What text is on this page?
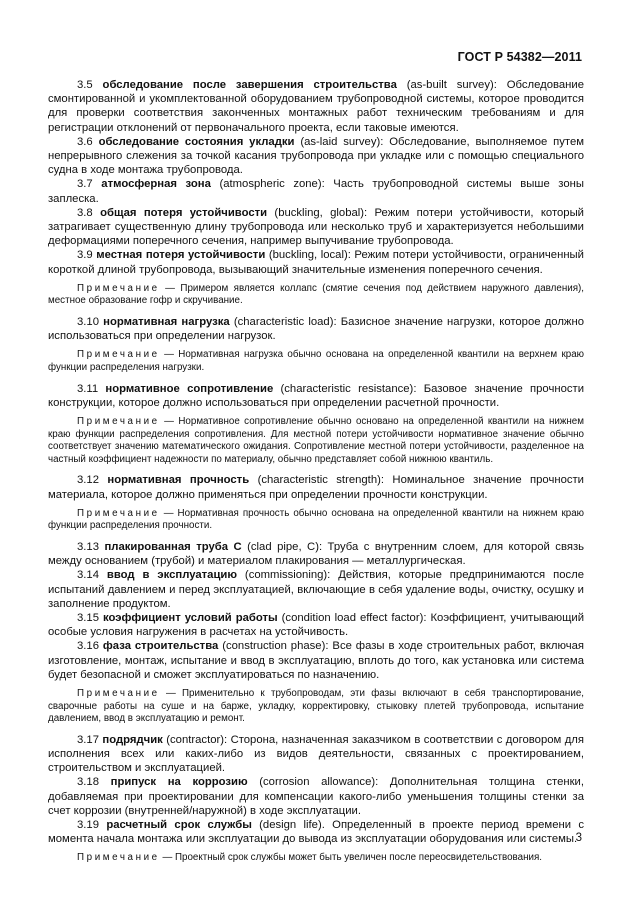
ГОСТ Р 54382—2011

3.5 обследование после завершения строительства (as-built survey): Обследование смонтированной и укомплектованной оборудованием трубопроводной системы, которое проводится для проверки соответствия законченных монтажных работ техническим требованиям и для регистрации отклонений от первоначального проекта, если таковые имеются.

3.6 обследование состояния укладки (as-laid survey): Обследование, выполняемое путем непрерывного слежения за точкой касания трубопровода при укладке или с помощью специального судна в ходе монтажа трубопровода.

3.7 атмосферная зона (atmospheric zone): Часть трубопроводной системы выше зоны заплеска.

3.8 общая потеря устойчивости (buckling, global): Режим потери устойчивости, который затрагивает существенную длину трубопровода или несколько труб и характеризуется небольшими деформациями поперечного сечения, например выпучивание трубопровода.

3.9 местная потеря устойчивости (buckling, local): Режим потери устойчивости, ограниченный короткой длиной трубопровода, вызывающий значительные изменения поперечного сечения.

Примечание — Примером является коллапс (смятие сечения под действием наружного давления), местное образование гофр и скручивание.

3.10 нормативная нагрузка (characteristic load): Базисное значение нагрузки, которое должно использоваться при определении нагрузок.

Примечание — Нормативная нагрузка обычно основана на определенной квантили на верхнем краю функции распределения нагрузки.

3.11 нормативное сопротивление (characteristic resistance): Базовое значение прочности конструкции, которое должно использоваться при определении расчетной прочности.

Примечание — Нормативное сопротивление обычно основано на определенной квантили на нижнем краю функции распределения сопротивления. Для местной потери устойчивости нормативное значение обычно соответствует значению математического ожидания. Сопротивление местной потери устойчивости, разделенное на частный коэффициент надежности по материалу, обычно представляет собой нижнюю квантиль.

3.12 нормативная прочность (characteristic strength): Номинальное значение прочности материала, которое должно применяться при определении прочности конструкции.

Примечание — Нормативная прочность обычно основана на определенной квантили на нижнем краю функции распределения прочности.

3.13 плакированная труба C (clad pipe, C): Труба с внутренним слоем, для которой связь между основанием (трубой) и материалом плакирования — металлургическая.

3.14 ввод в эксплуатацию (commissioning): Действия, которые предпринимаются после испытаний давлением и перед эксплуатацией, включающие в себя удаление воды, очистку, осушку и заполнение продуктом.

3.15 коэффициент условий работы (condition load effect factor): Коэффициент, учитывающий особые условия нагружения в расчетах на устойчивость.

3.16 фаза строительства (construction phase): Все фазы в ходе строительных работ, включая изготовление, монтаж, испытание и ввод в эксплуатацию, вплоть до того, как установка или система будет безопасной и сможет эксплуатироваться по назначению.

Примечание — Применительно к трубопроводам, эти фазы включают в себя транспортирование, сварочные работы на суше и на барже, укладку, корректировку, стыковку плетей трубопровода, испытание давлением, ввод в эксплуатацию и ремонт.

3.17 подрядчик (contractor): Сторона, назначенная заказчиком в соответствии с договором для исполнения всех или каких-либо из видов деятельности, связанных с проектированием, строительством и эксплуатацией.

3.18 припуск на коррозию (corrosion allowance): Дополнительная толщина стенки, добавляемая при проектировании для компенсации какого-либо уменьшения толщины стенки за счет коррозии (внутренней/наружной) в ходе эксплуатации.

3.19 расчетный срок службы (design life). Определенный в проекте период времени с момента начала монтажа или эксплуатации до вывода из эксплуатации оборудования или системы.

Примечание — Проектный срок службы может быть увеличен после переосвидетельствования.

3
